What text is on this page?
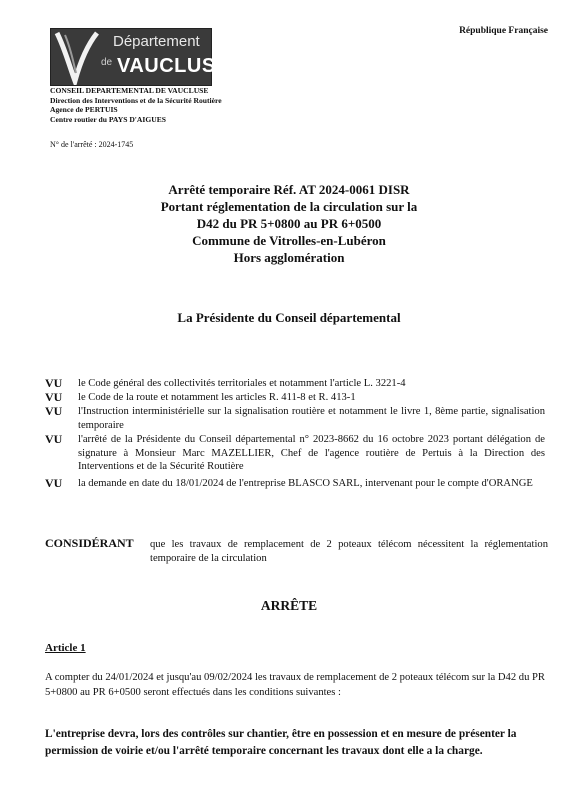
Département
de VAUCLUSE
République Française
CONSEIL DEPARTEMENTAL DE VAUCLUSE
Direction des Interventions et de la Sécurité Routière
Agence de PERTUIS
Centre routier du PAYS D'AIGUES
N° de l'arrêté : 2024-1745
Arrêté temporaire Réf. AT 2024-0061 DISR
Portant réglementation de la circulation sur la
D42 du PR 5+0800 au PR 6+0500
Commune de Vitrolles-en-Lubéron
Hors agglomération
La Présidente du Conseil départemental
VU le Code général des collectivités territoriales et notamment l'article L. 3221-4
VU le Code de la route et notamment les articles R. 411-8 et R. 413-1
VU l'Instruction interministérielle sur la signalisation routière et notamment le livre 1, 8ème partie, signalisation temporaire
VU l'arrêté de la Présidente du Conseil départemental n° 2023-8662 du 16 octobre 2023 portant délégation de signature à Monsieur Marc MAZELLIER, Chef de l'agence routière de Pertuis à la Direction des Interventions et de la Sécurité Routière
VU la demande en date du 18/01/2024 de l'entreprise BLASCO SARL, intervenant pour le compte d'ORANGE
CONSIDÉRANT que les travaux de remplacement de 2 poteaux télécom nécessitent la réglementation temporaire de la circulation
ARRÊTE
Article 1
A compter du 24/01/2024 et jusqu'au 09/02/2024 les travaux de remplacement de 2 poteaux télécom sur la D42 du PR 5+0800 au PR 6+0500 seront effectués dans les conditions suivantes :
L'entreprise devra, lors des contrôles sur chantier, être en possession et en mesure de présenter la permission de voirie et/ou l'arrêté temporaire concernant les travaux dont elle a la charge.
